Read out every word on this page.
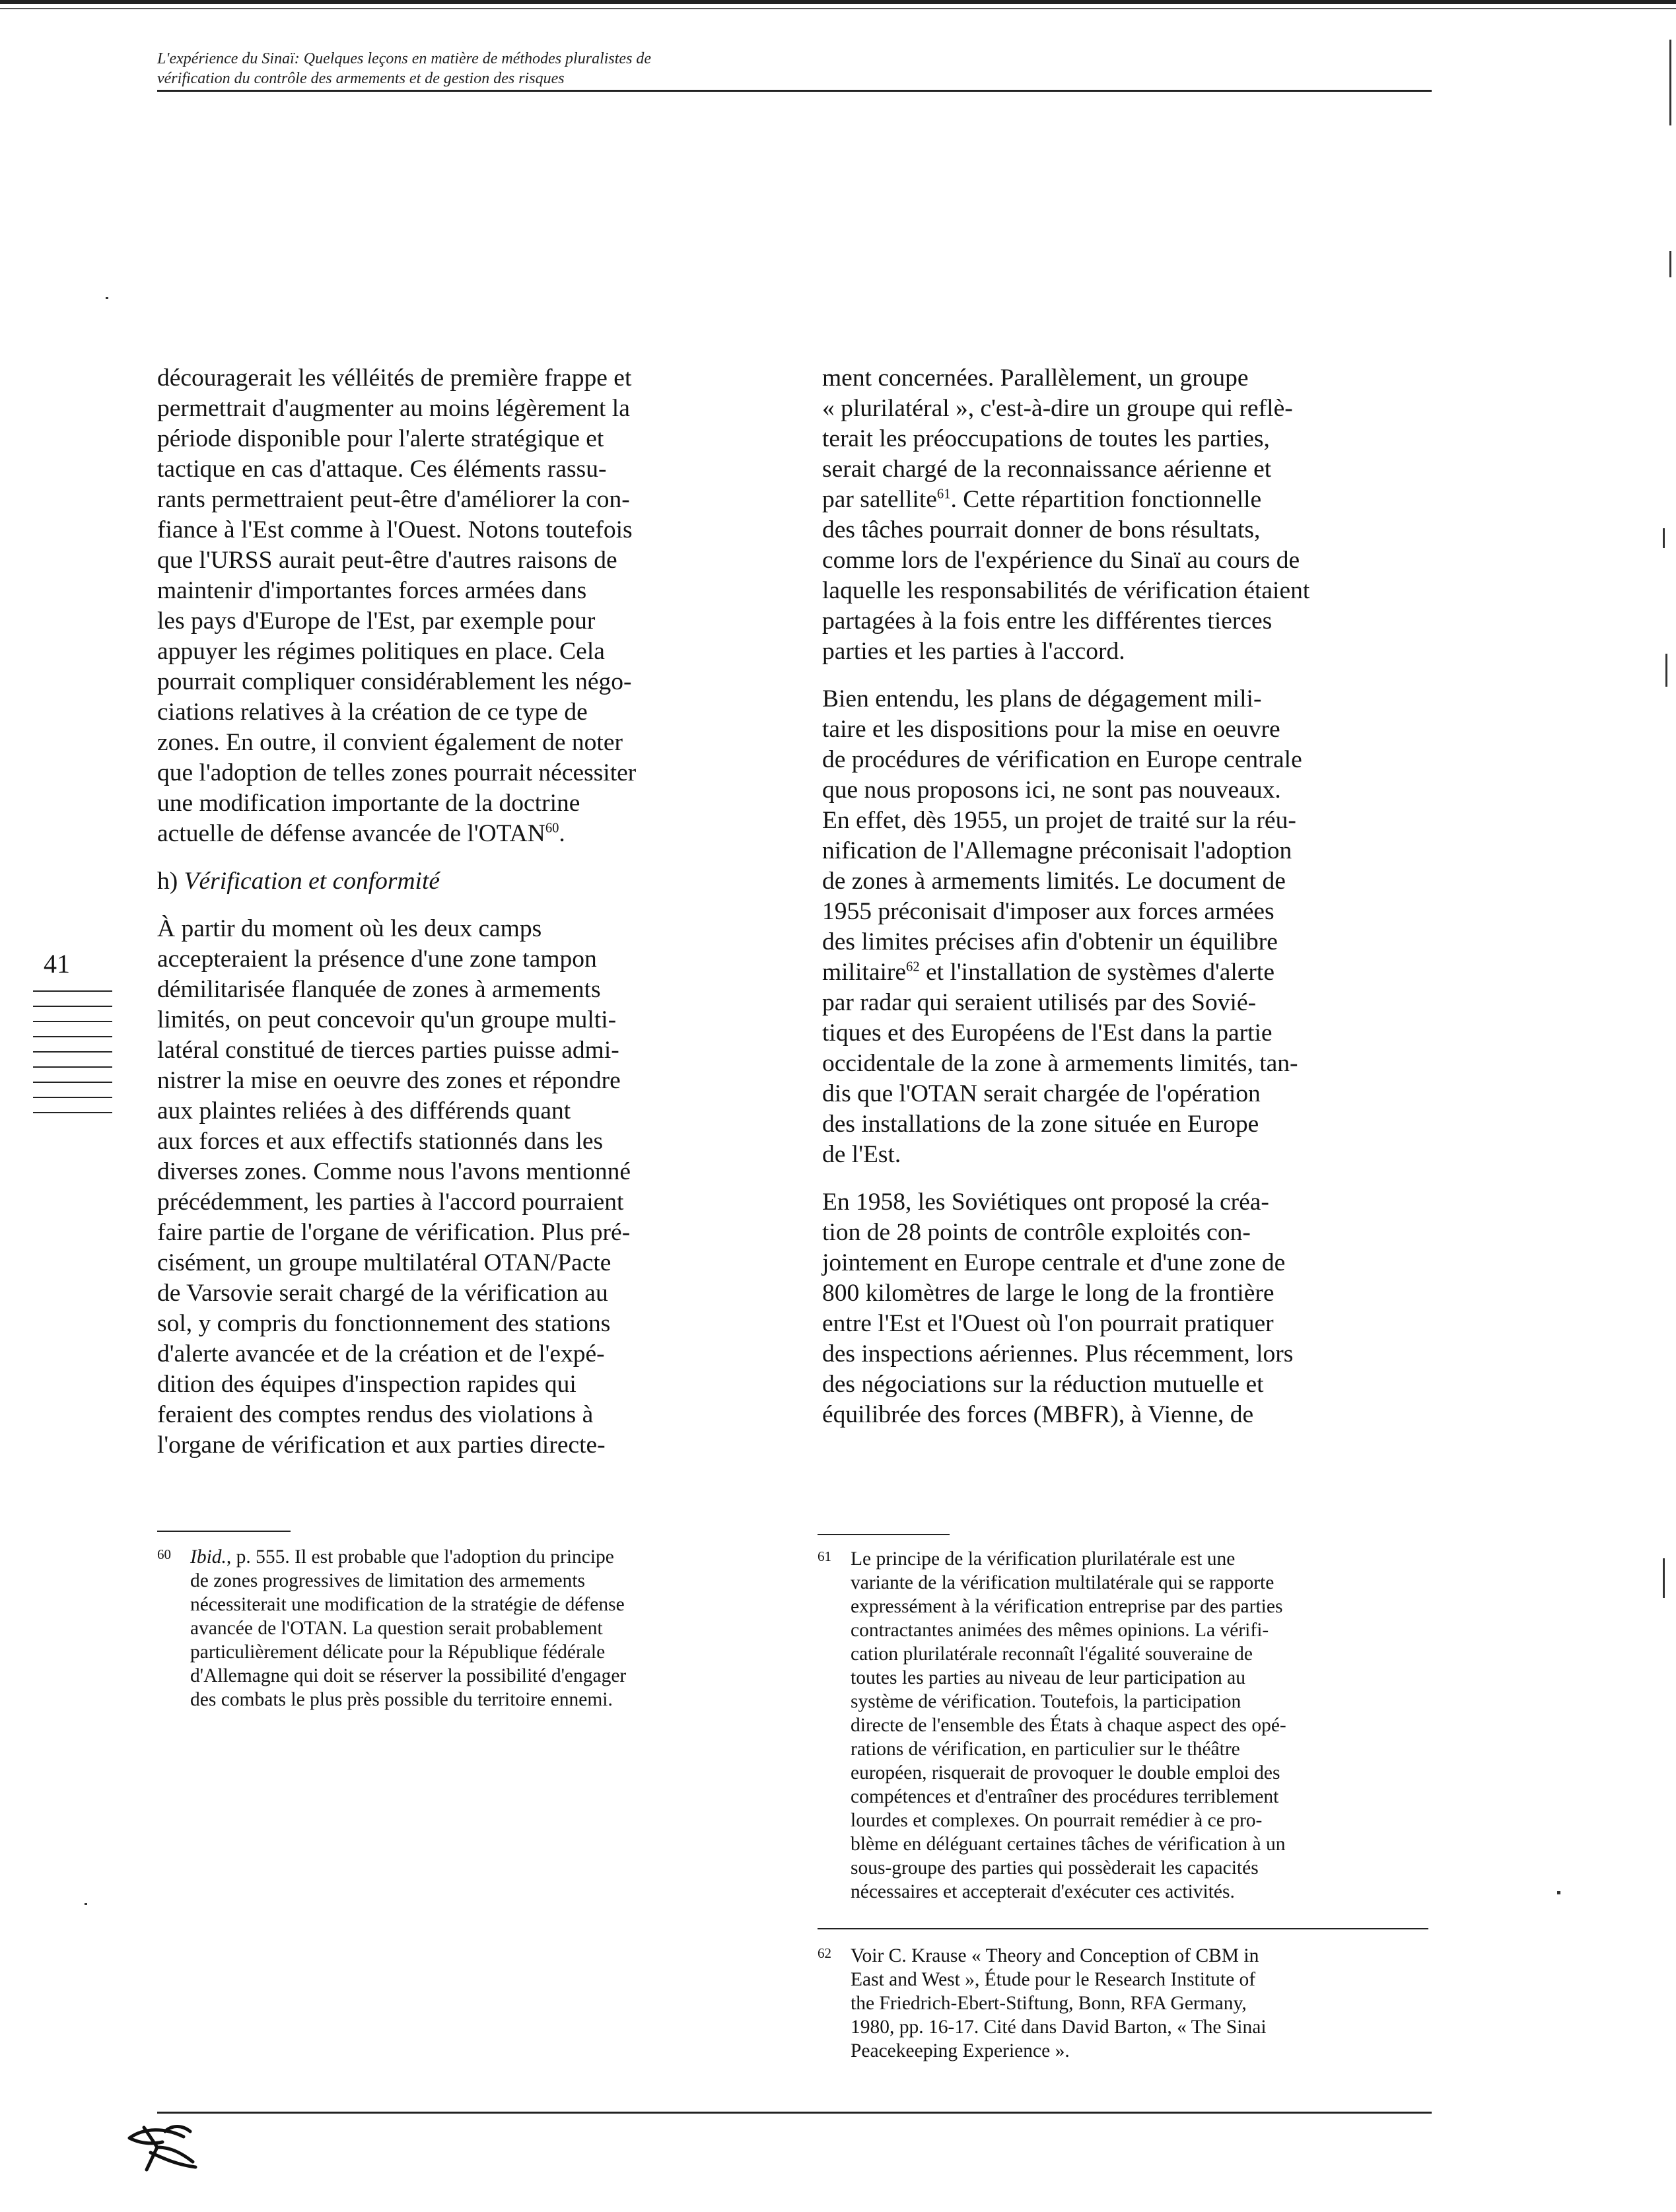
L'expérience du Sinaï: Quelques leçons en matière de méthodes pluralistes de
vérification du contrôle des armements et de gestion des risques
découragerait les vélléités de première frappe et
permettrait d'augmenter au moins légèrement la
période disponible pour l'alerte stratégique et
tactique en cas d'attaque. Ces éléments rassu-
rants permettraient peut-être d'améliorer la con-
fiance à l'Est comme à l'Ouest. Notons toutefois
que l'URSS aurait peut-être d'autres raisons de
maintenir d'importantes forces armées dans
les pays d'Europe de l'Est, par exemple pour
appuyer les régimes politiques en place. Cela
pourrait compliquer considérablement les négo-
ciations relatives à la création de ce type de
zones. En outre, il convient également de noter
que l'adoption de telles zones pourrait nécessiter
une modification importante de la doctrine
actuelle de défense avancée de l'OTAN$^{60}$.
h) Vérification et conformité
À partir du moment où les deux camps
accepteraient la présence d'une zone tampon
démilitarisée flanquée de zones à armements
limités, on peut concevoir qu'un groupe multi-
latéral constitué de tierces parties puisse admi-
nistrer la mise en oeuvre des zones et répondre
aux plaintes reliées à des différends quant
aux forces et aux effectifs stationnés dans les
diverses zones. Comme nous l'avons mentionné
précédemment, les parties à l'accord pourraient
faire partie de l'organe de vérification. Plus pré-
cisément, un groupe multilatéral OTAN/Pacte
de Varsovie serait chargé de la vérification au
sol, y compris du fonctionnement des stations
d'alerte avancée et de la création et de l'expé-
dition des équipes d'inspection rapides qui
feraient des comptes rendus des violations à
l'organe de vérification et aux parties directe-
ment concernées. Parallèlement, un groupe
« plurilatéral », c'est-à-dire un groupe qui reflè-
terait les préoccupations de toutes les parties,
serait chargé de la reconnaissance aérienne et
par satellite$^{61}$. Cette répartition fonctionnelle
des tâches pourrait donner de bons résultats,
comme lors de l'expérience du Sinaï au cours de
laquelle les responsabilités de vérification étaient
partagées à la fois entre les différentes tierces
parties et les parties à l'accord.
Bien entendu, les plans de dégagement mili-
taire et les dispositions pour la mise en oeuvre
de procédures de vérification en Europe centrale
que nous proposons ici, ne sont pas nouveaux.
En effet, dès 1955, un projet de traité sur la réu-
nification de l'Allemagne préconisait l'adoption
de zones à armements limités. Le document de
1955 préconisait d'imposer aux forces armées
des limites précises afin d'obtenir un équilibre
militaire$^{62}$ et l'installation de systèmes d'alerte
par radar qui seraient utilisés par des Sovié-
tiques et des Européens de l'Est dans la partie
occidentale de la zone à armements limités, tan-
dis que l'OTAN serait chargée de l'opération
des installations de la zone située en Europe
de l'Est.
En 1958, les Soviétiques ont proposé la créa-
tion de 28 points de contrôle exploités con-
jointement en Europe centrale et d'une zone de
800 kilomètres de large le long de la frontière
entre l'Est et l'Ouest où l'on pourrait pratiquer
des inspections aériennes. Plus récemment, lors
des négociations sur la réduction mutuelle et
équilibrée des forces (MBFR), à Vienne, de
41
60 Ibid., p. 555. Il est probable que l'adoption du principe
de zones progressives de limitation des armements
nécessiterait une modification de la stratégie de défense
avancée de l'OTAN. La question serait probablement
particulièrement délicate pour la République fédérale
d'Allemagne qui doit se réserver la possibilité d'engager
des combats le plus près possible du territoire ennemi.
61 Le principe de la vérification plurilatérale est une
variante de la vérification multilatérale qui se rapporte
expressément à la vérification entreprise par des parties
contractantes animées des mêmes opinions. La vérifi-
cation plurilatérale reconnaît l'égalité souveraine de
toutes les parties au niveau de leur participation au
système de vérification. Toutefois, la participation
directe de l'ensemble des États à chaque aspect des opé-
rations de vérification, en particulier sur le théâtre
européen, risquerait de provoquer le double emploi des
compétences et d'entraîner des procédures terriblement
lourdes et complexes. On pourrait remédier à ce pro-
blème en déléguant certaines tâches de vérification à un
sous-groupe des parties qui possèderait les capacités
nécessaires et accepterait d'exécuter ces activités.
62 Voir C. Krause « Theory and Conception of CBM in
East and West », Étude pour le Research Institute of
the Friedrich-Ebert-Stiftung, Bonn, RFA Germany,
1980, pp. 16-17. Cité dans David Barton, « The Sinai
Peacekeeping Experience ».
